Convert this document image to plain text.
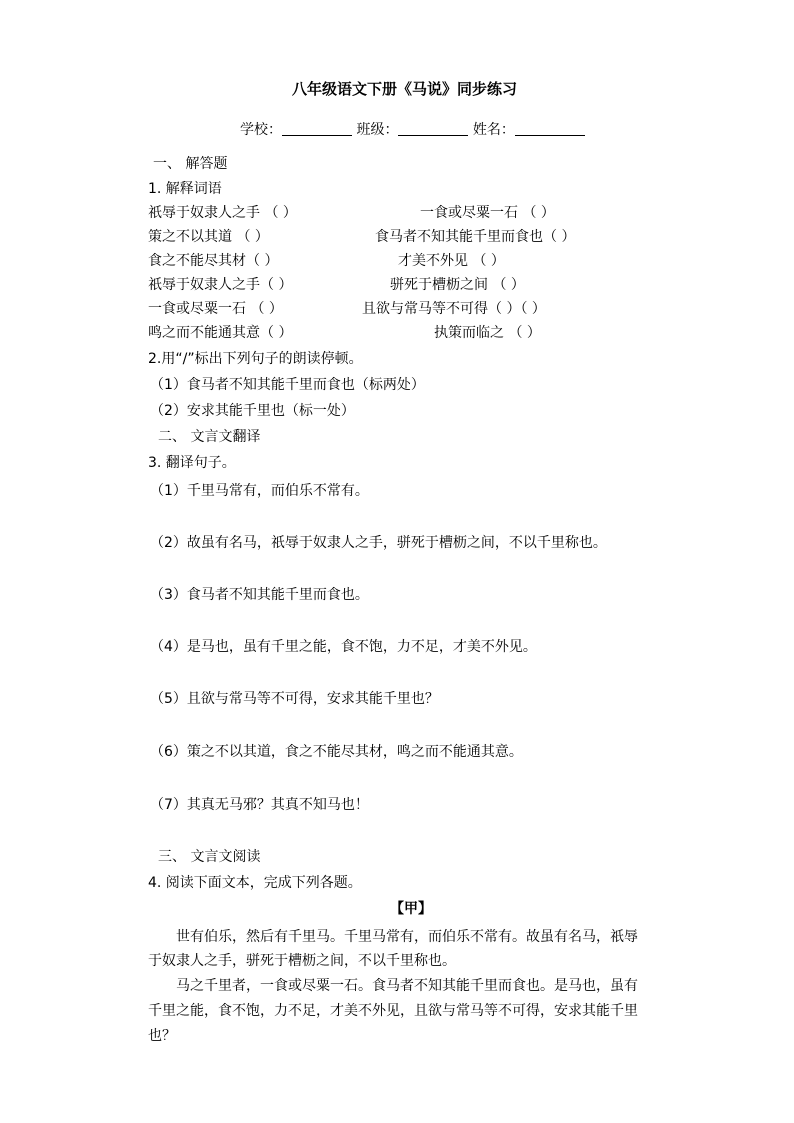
八年级语文下册《马说》同步练习
学校：	班级：	姓名：
一、 解答题
1. 解释词语
祇辱于奴隶人之手 （ ）	一食或尽粟一石 （ ）
策之不以其道 （ ）	食马者不知其能千里而食也（ ）
食之不能尽其材（ ）	才美不外见 （ ）
祇辱于奴隶人之手（ ）	骈死于槽枥之间 （ ）
一食或尽粟一石 （ ）	且欲与常马等不可得（ ）（ ）
鸣之而不能通其意（ ）	执策而临之 （ ）
2.用“/”标出下列句子的朗读停顿。
（1）食马者不知其能千里而食也（标两处）
（2）安求其能千里也（标一处）
二、 文言文翻译
3. 翻译句子。
（1）千里马常有，而伯乐不常有。
（2）故虽有名马，祇辱于奴隶人之手，骈死于槽枥之间，不以千里称也。
（3）食马者不知其能千里而食也。
（4）是马也，虽有千里之能，食不饱，力不足，才美不外见。
（5）且欲与常马等不可得，安求其能千里也？
（6）策之不以其道，食之不能尽其材，鸣之而不能通其意。
（7）其真无马邪？其真不知马也！
三、 文言文阅读
4. 阅读下面文本，完成下列各题。
【甲】
世有伯乐，然后有千里马。千里马常有，而伯乐不常有。故虽有名马，祇辱
于奴隶人之手，骈死于槽枥之间，不以千里称也。
马之千里者，一食或尽粟一石。食马者不知其能千里而食也。是马也，虽有
千里之能，食不饱，力不足，才美不外见，且欲与常马等不可得，安求其能千里
也？
